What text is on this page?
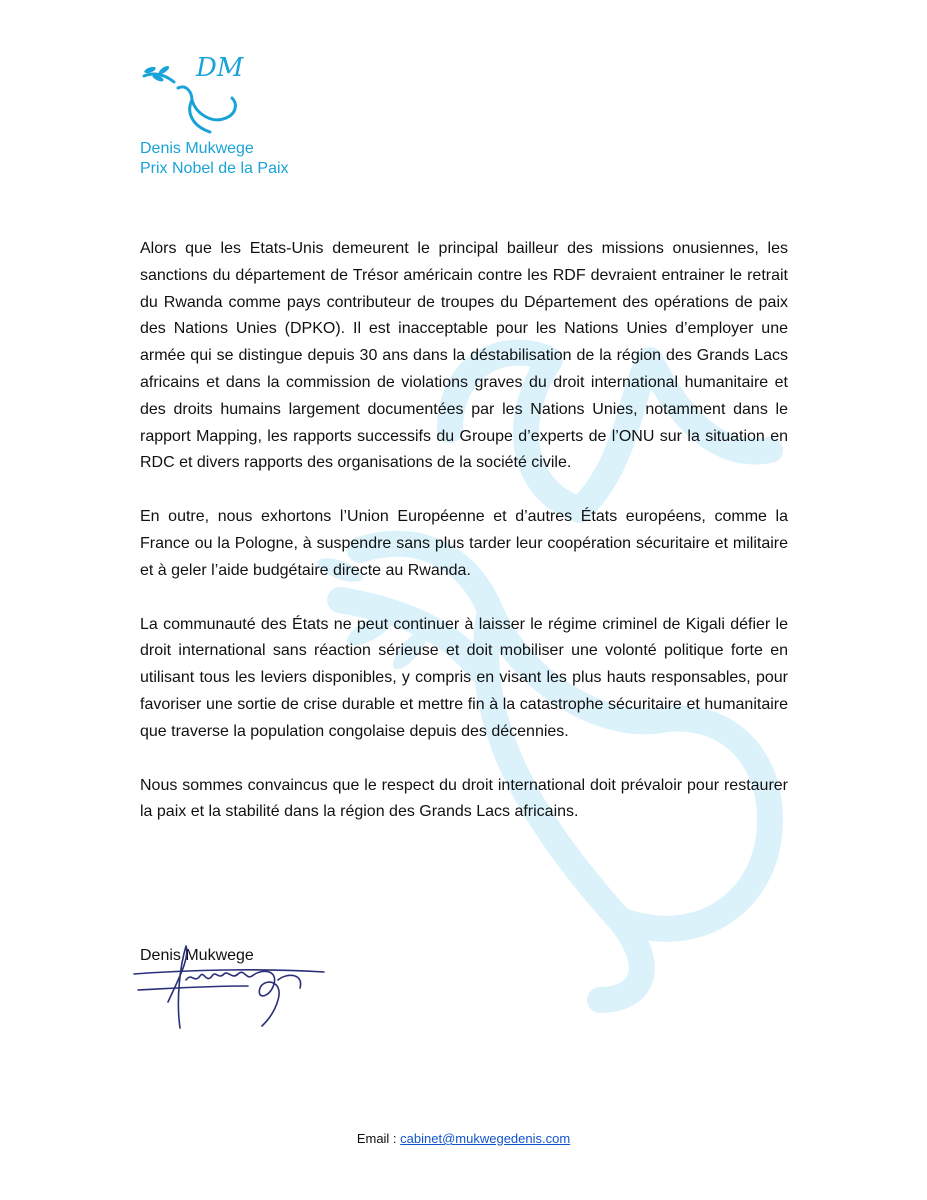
DM
Denis Mukwege
Prix Nobel de la Paix

Alors que les Etats-Unis demeurent le principal bailleur des missions onusiennes, les sanctions du département de Trésor américain contre les RDF devraient entrainer le retrait du Rwanda comme pays contributeur de troupes du Département des opérations de paix des Nations Unies (DPKO). Il est inacceptable pour les Nations Unies d’employer une armée qui se distingue depuis 30 ans dans la déstabilisation de la région des Grands Lacs africains et dans la commission de violations graves du droit international humanitaire et des droits humains largement documentées par les Nations Unies, notamment dans le rapport Mapping, les rapports successifs du Groupe d’experts de l’ONU sur la situation en RDC et divers rapports des organisations de la société civile.

En outre, nous exhortons l’Union Européenne et d’autres États européens, comme la France ou la Pologne, à suspendre sans plus tarder leur coopération sécuritaire et militaire et à geler l’aide budgétaire directe au Rwanda.

La communauté des États ne peut continuer à laisser le régime criminel de Kigali défier le droit international sans réaction sérieuse et doit mobiliser une volonté politique forte en utilisant tous les leviers disponibles, y compris en visant les plus hauts responsables, pour favoriser une sortie de crise durable et mettre fin à la catastrophe sécuritaire et humanitaire que traverse la population congolaise depuis des décennies.

Nous sommes convaincus que le respect du droit international doit prévaloir pour restaurer la paix et la stabilité dans la région des Grands Lacs africains.

Denis Mukwege
Email : cabinet@mukwegedenis.com
